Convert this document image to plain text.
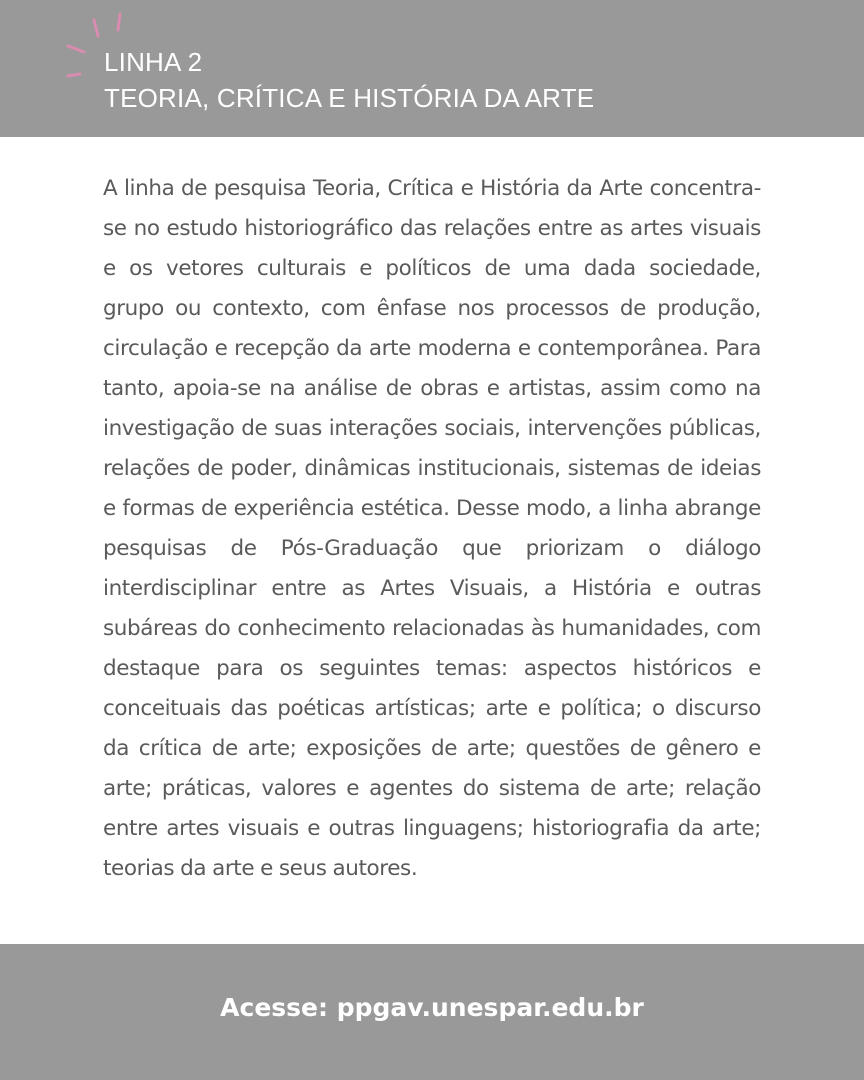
LINHA 2
TEORIA, CRÍTICA E HISTÓRIA DA ARTE
A linha de pesquisa Teoria, Crítica e História da Arte concentra-se no estudo historiográfico das relações entre as artes visuais e os vetores culturais e políticos de uma dada sociedade, grupo ou contexto, com ênfase nos processos de produção, circulação e recepção da arte moderna e contemporânea. Para tanto, apoia-se na análise de obras e artistas, assim como na investigação de suas interações sociais, intervenções públicas, relações de poder, dinâmicas institucionais, sistemas de ideias e formas de experiência estética. Desse modo, a linha abrange pesquisas de Pós-Graduação que priorizam o diálogo interdisciplinar entre as Artes Visuais, a História e outras subáreas do conhecimento relacionadas às humanidades, com destaque para os seguintes temas: aspectos históricos e conceituais das poéticas artísticas; arte e política; o discurso da crítica de arte; exposições de arte; questões de gênero e arte; práticas, valores e agentes do sistema de arte; relação entre artes visuais e outras linguagens; historiografia da arte; teorias da arte e seus autores.
Acesse: ppgav.unespar.edu.br
